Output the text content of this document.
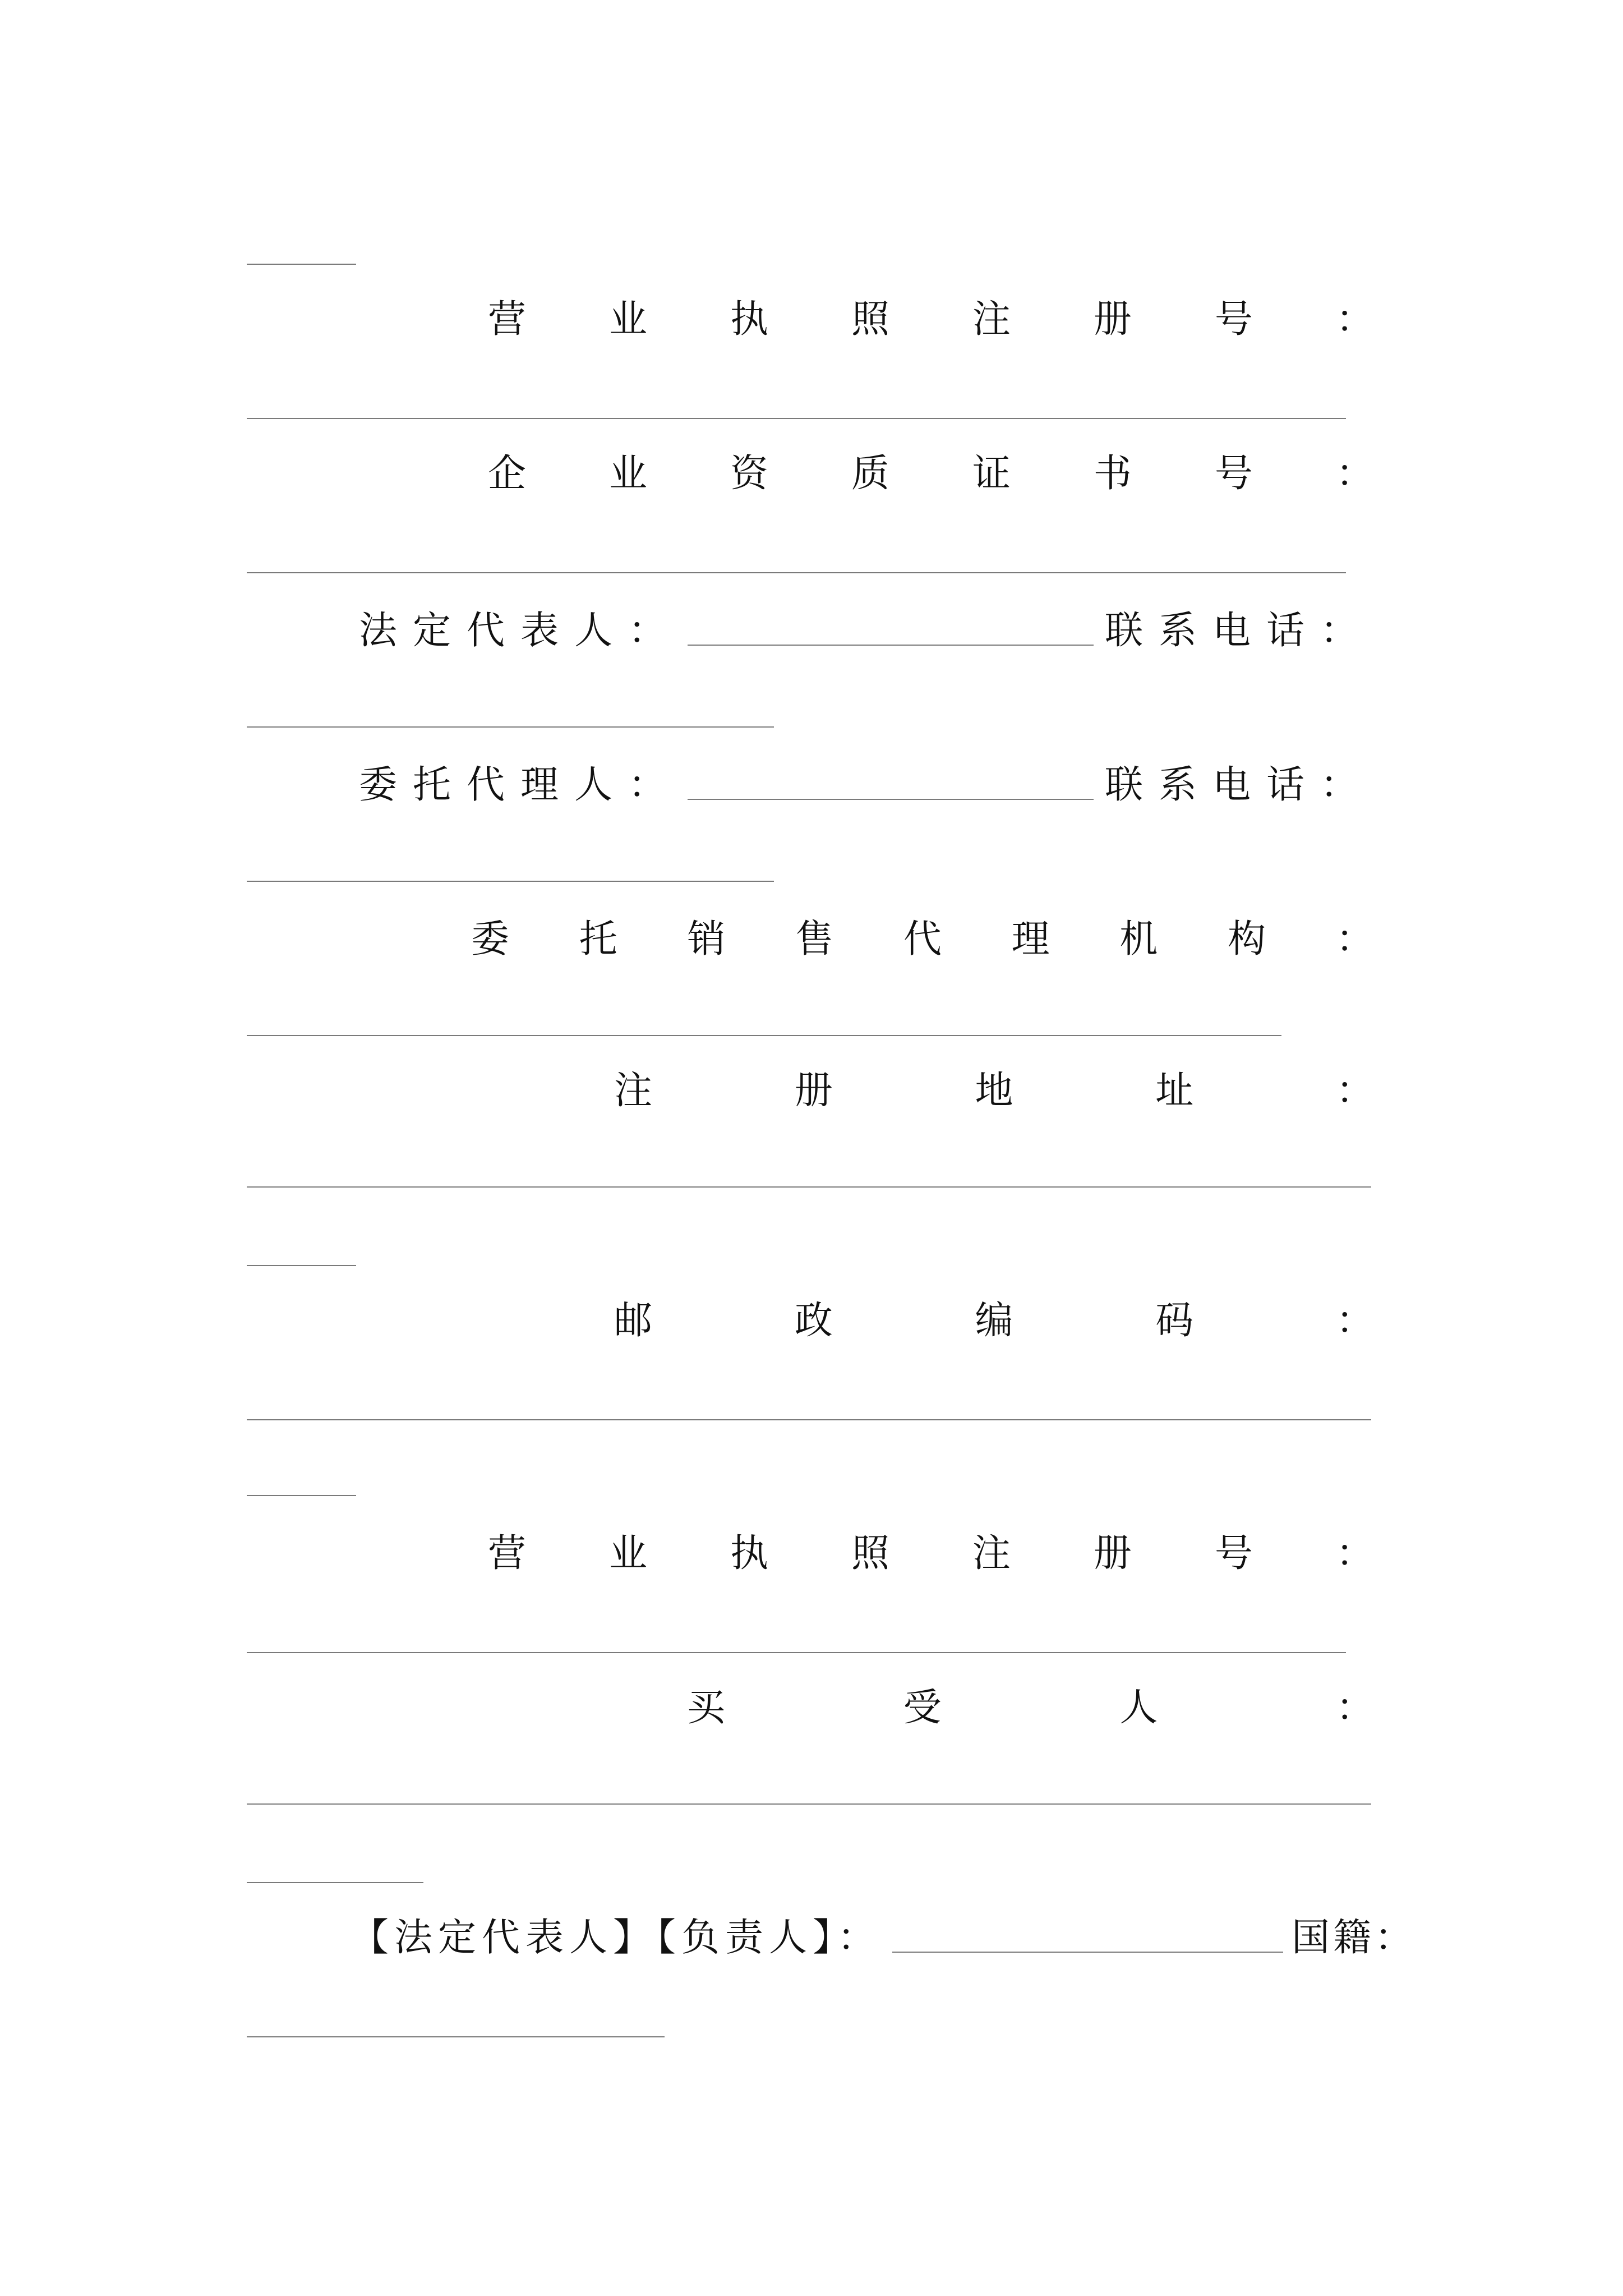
营 业 执 照 注 册 号 ：
企 业 资 质 证 书 号 ：
法定代表人：	联系电话：
委托代理人：	联系电话：
委 托 销 售 代 理 机 构 ：
注	册	地	址	：
邮	政	编	码	：
营 业 执 照 注 册 号 ：
买	受	人	：
【法定代表人】【负责人】：	国籍：
